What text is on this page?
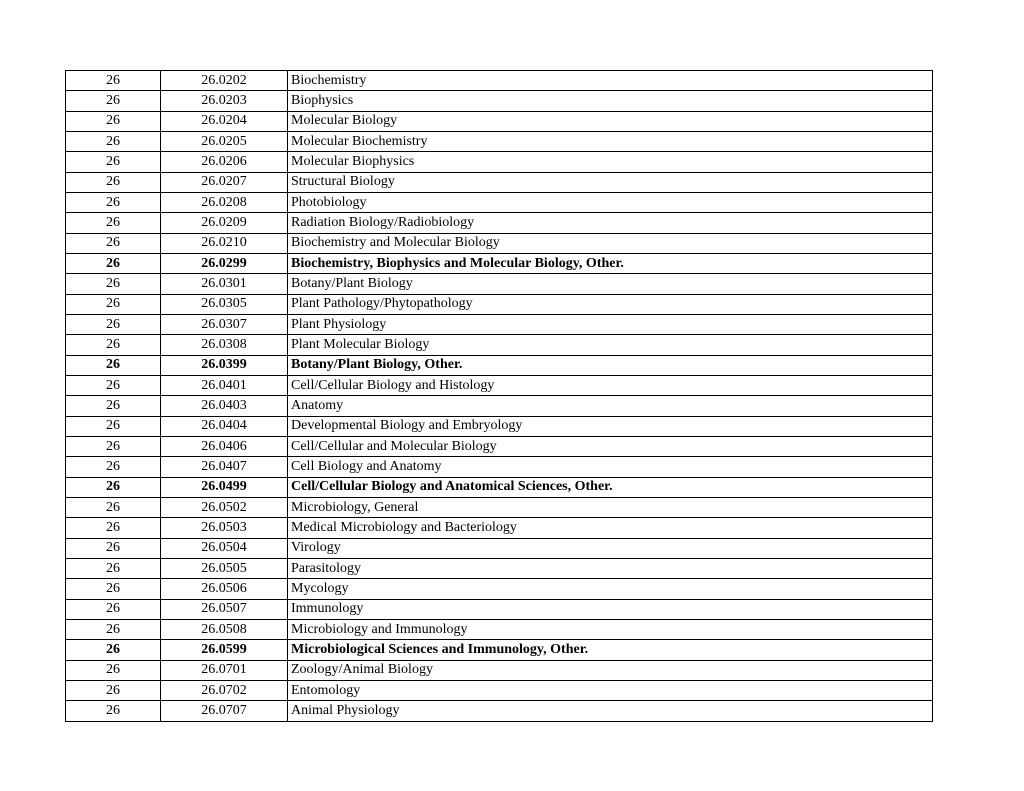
26	26.0202	Biochemistry
26	26.0203	Biophysics
26	26.0204	Molecular Biology
26	26.0205	Molecular Biochemistry
26	26.0206	Molecular Biophysics
26	26.0207	Structural Biology
26	26.0208	Photobiology
26	26.0209	Radiation Biology/Radiobiology
26	26.0210	Biochemistry and Molecular Biology
26	26.0299	Biochemistry, Biophysics and Molecular Biology, Other.
26	26.0301	Botany/Plant Biology
26	26.0305	Plant Pathology/Phytopathology
26	26.0307	Plant Physiology
26	26.0308	Plant Molecular Biology
26	26.0399	Botany/Plant Biology, Other.
26	26.0401	Cell/Cellular Biology and Histology
26	26.0403	Anatomy
26	26.0404	Developmental Biology and Embryology
26	26.0406	Cell/Cellular and Molecular Biology
26	26.0407	Cell Biology and Anatomy
26	26.0499	Cell/Cellular Biology and Anatomical Sciences, Other.
26	26.0502	Microbiology, General
26	26.0503	Medical Microbiology and Bacteriology
26	26.0504	Virology
26	26.0505	Parasitology
26	26.0506	Mycology
26	26.0507	Immunology
26	26.0508	Microbiology and Immunology
26	26.0599	Microbiological Sciences and Immunology, Other.
26	26.0701	Zoology/Animal Biology
26	26.0702	Entomology
26	26.0707	Animal Physiology
